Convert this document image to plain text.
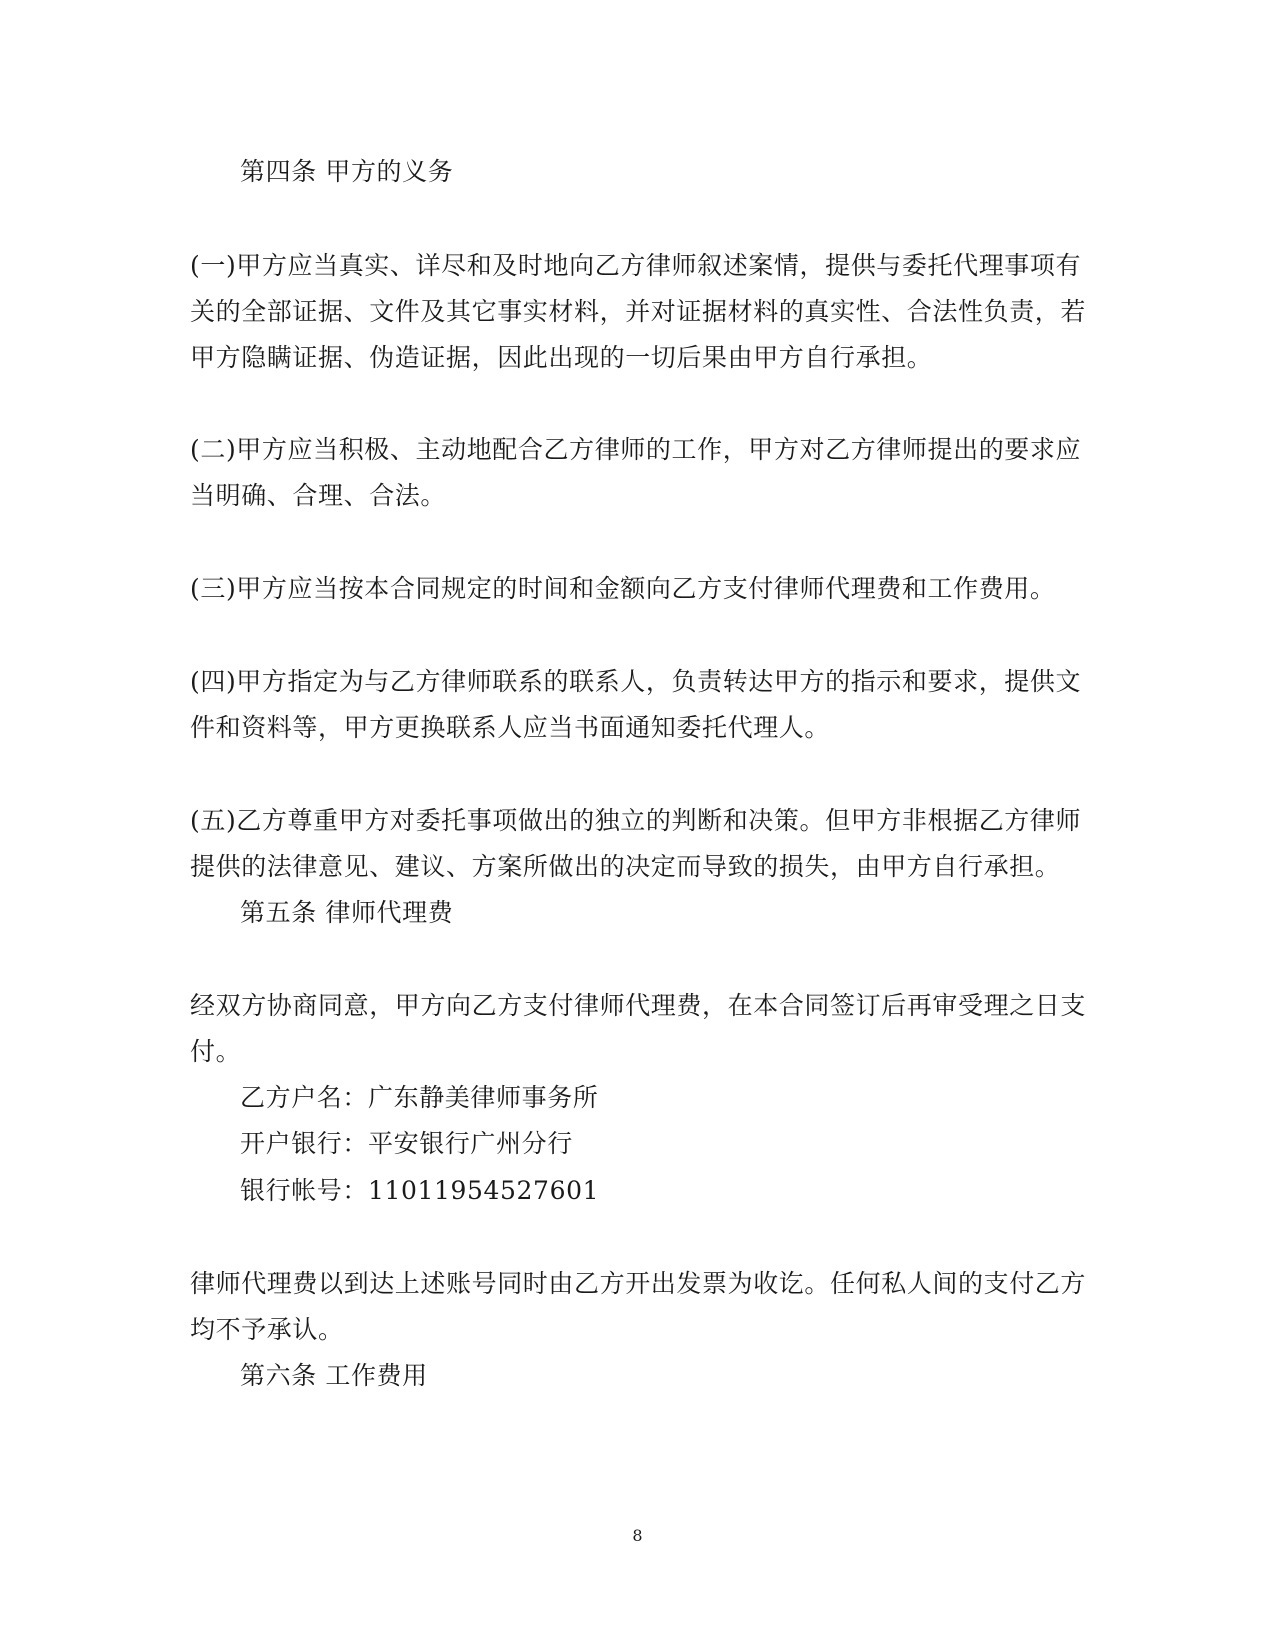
第四条 甲方的义务
(一)甲方应当真实、详尽和及时地向乙方律师叙述案情，提供与委托代理事项有
关的全部证据、文件及其它事实材料，并对证据材料的真实性、合法性负责，若
甲方隐瞒证据、伪造证据，因此出现的一切后果由甲方自行承担。
(二)甲方应当积极、主动地配合乙方律师的工作，甲方对乙方律师提出的要求应
当明确、合理、合法。
(三)甲方应当按本合同规定的时间和金额向乙方支付律师代理费和工作费用。
(四)甲方指定为与乙方律师联系的联系人，负责转达甲方的指示和要求，提供文
件和资料等，甲方更换联系人应当书面通知委托代理人。
(五)乙方尊重甲方对委托事项做出的独立的判断和决策。但甲方非根据乙方律师
提供的法律意见、建议、方案所做出的决定而导致的损失，由甲方自行承担。
第五条 律师代理费
经双方协商同意，甲方向乙方支付律师代理费，在本合同签订后再审受理之日支
付。
乙方户名：广东静美律师事务所
开户银行：平安银行广州分行
银行帐号：11011954527601
律师代理费以到达上述账号同时由乙方开出发票为收讫。任何私人间的支付乙方
均不予承认。
第六条 工作费用
8
